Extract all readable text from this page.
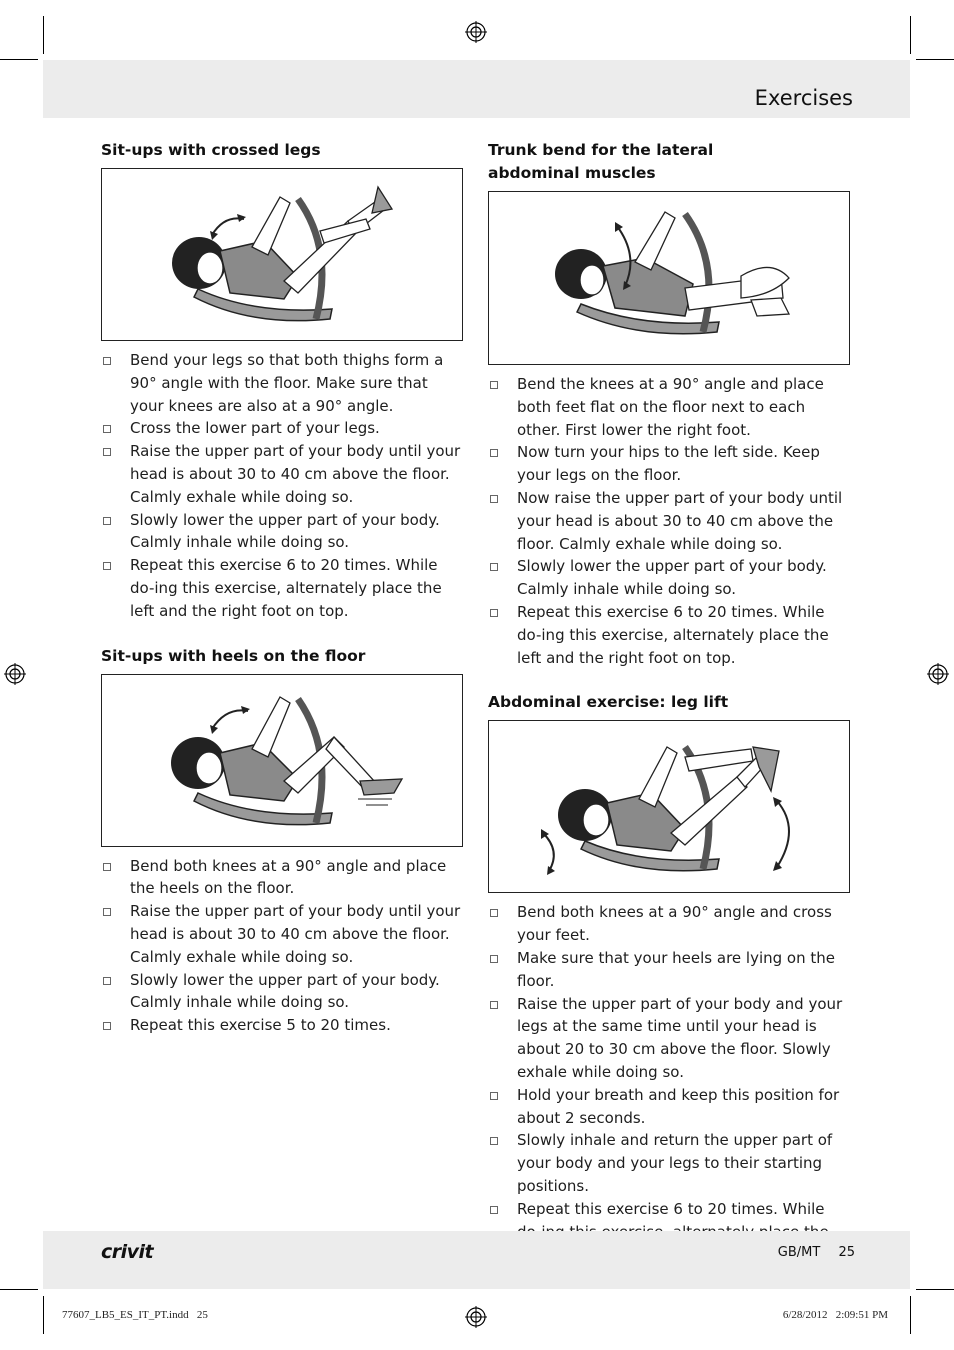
Exercises
Sit-ups with crossed legs
Bend your legs so that both thighs form a 90° angle with the floor. Make sure that your knees are also at a 90° angle.
Cross the lower part of your legs.
Raise the upper part of your body until your head is about 30 to 40 cm above the floor. Calmly exhale while doing so.
Slowly lower the upper part of your body. Calmly inhale while doing so.
Repeat this exercise 6 to 20 times. While do-ing this exercise, alternately place the left and the right foot on top.
Sit-ups with heels on the floor
Bend both knees at a 90° angle and place the heels on the floor.
Raise the upper part of your body until your head is about 30 to 40 cm above the floor. Calmly exhale while doing so.
Slowly lower the upper part of your body. Calmly inhale while doing so.
Repeat this exercise 5 to 20 times.
Trunk bend for the lateral abdominal muscles
Bend the knees at a 90° angle and place both feet flat on the floor next to each other. First lower the right foot.
Now turn your hips to the left side. Keep your legs on the floor.
Now raise the upper part of your body until your head is about 30 to 40 cm above the floor. Calmly exhale while doing so.
Slowly lower the upper part of your body. Calmly inhale while doing so.
Repeat this exercise 6 to 20 times. While do-ing this exercise, alternately place the left and the right foot on top.
Abdominal exercise: leg lift
Bend both knees at a 90° angle and cross your feet.
Make sure that your heels are lying on the floor.
Raise the upper part of your body and your legs at the same time until your head is about 20 to 30 cm above the floor. Slowly exhale while doing so.
Hold your breath and keep this position for about 2 seconds.
Slowly inhale and return the upper part of your body and your legs to their starting positions.
Repeat this exercise 6 to 20 times. While
crivit	GB/MT 25
77607_LB5_ES_IT_PT.indd   25	6/28/2012   2:09:51 PM
